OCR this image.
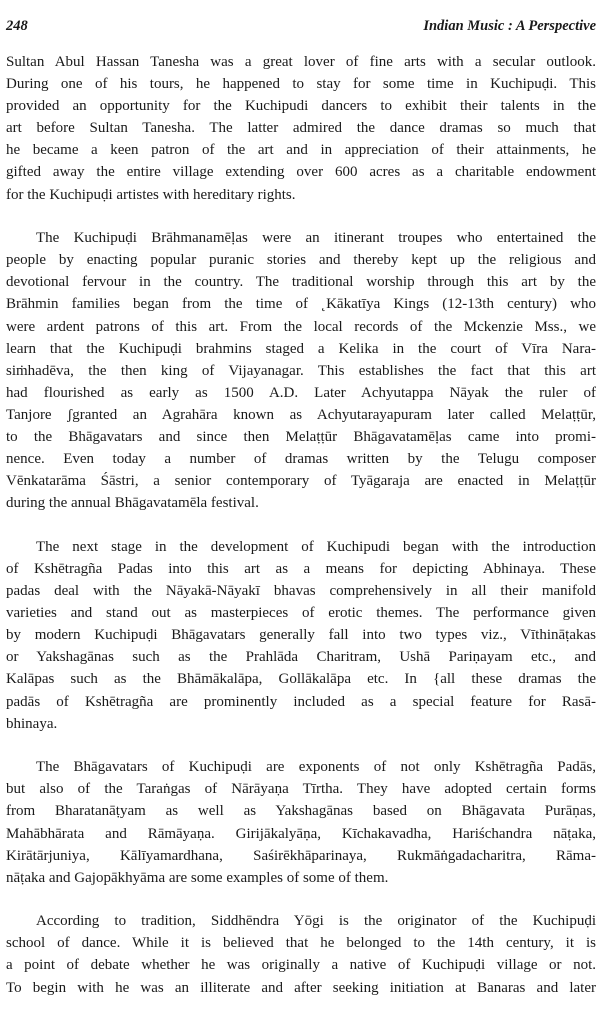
248	Indian Music : A Perspective

Sultan Abul Hassan Tanesha was a great lover of fine arts with a secular outlook.
During one of his tours, he happened to stay for some time in Kuchipuḍi. This
provided an opportunity for the Kuchipudi dancers to exhibit their talents in the
art before Sultan Tanesha. The latter admired the dance dramas so much that
he became a keen patron of the art and in appreciation of their attainments, he
gifted away the entire village extending over 600 acres as a charitable endowment
for the Kuchipuḍi artistes with hereditary rights.

The Kuchipuḍi Brāhmanamēḷas were an itinerant troupes who entertained the
people by enacting popular puranic stories and thereby kept up the religious and
devotional fervour in the country. The traditional worship through this art by the
Brāhmin families began from the time of ˛Kākatīya Kings (12-13th century) who
were ardent patrons of this art. From the local records of the Mckenzie Mss., we
learn that the Kuchipuḍi brahmins staged a Kelika in the court of Vīra Nara-
siṁhadēva, the then king of Vijayanagar. This establishes the fact that this art
had flourished as early as 1500 A.D. Later Achyutappa Nāyak the ruler of
Tanjore ʃgranted an Agrahāra known as Achyutarayapuram later called Melaṭṭūr,
to the Bhāgavatars and since then Melaṭṭūr Bhāgavatamēḷas came into promi-
nence. Even today a number of dramas written by the Telugu composer
Vēnkatarāma Śāstri, a senior contemporary of Tyāgaraja are enacted in Melaṭṭūr
during the annual Bhāgavatamēla festival.

The next stage in the development of Kuchipudi began with the introduction
of Kshētragña Padas into this art as a means for depicting Abhinaya. These
padas deal with the Nāyakā-Nāyakī bhavas comprehensively in all their manifold
varieties and stand out as masterpieces of erotic themes. The performance given
by modern Kuchipuḍi Bhāgavatars generally fall into two types viz., Vīthināṭakas
or Yakshagānas such as the Prahlāda Charitram, Ushā Pariṇayam etc., and
Kalāpas such as the Bhāmākalāpa, Gollākalāpa etc. In {all these dramas the
padās of Kshētragña are prominently included as a special feature for Rasā-
bhinaya.

The Bhāgavatars of Kuchipuḍi are exponents of not only Kshētragña Padās,
but also of the Taraṅgas of Nārāyaṇa Tīrtha. They have adopted certain forms
from Bharatanāṭyam as well as Yakshagānas based on Bhāgavata Purāṇas,
Mahābhārata and Rāmāyaṇa. Girijākalyāṇa, Kīchakavadha, Hariśchandra nāṭaka,
Kirātārjuniya, Kālīyamardhana, Saśirēkhāparinaya, Rukmāṅgadacharitra, Rāma-
nāṭaka and Gajopākhyāma are some examples of some of them.

According to tradition, Siddhēndra Yōgi is the originator of the Kuchipuḍi
school of dance. While it is believed that he belonged to the 14th century, it is
a point of debate whether he was originally a native of Kuchipuḍi village or not.
To begin with he was an illiterate and after seeking initiation at Banaras and later
